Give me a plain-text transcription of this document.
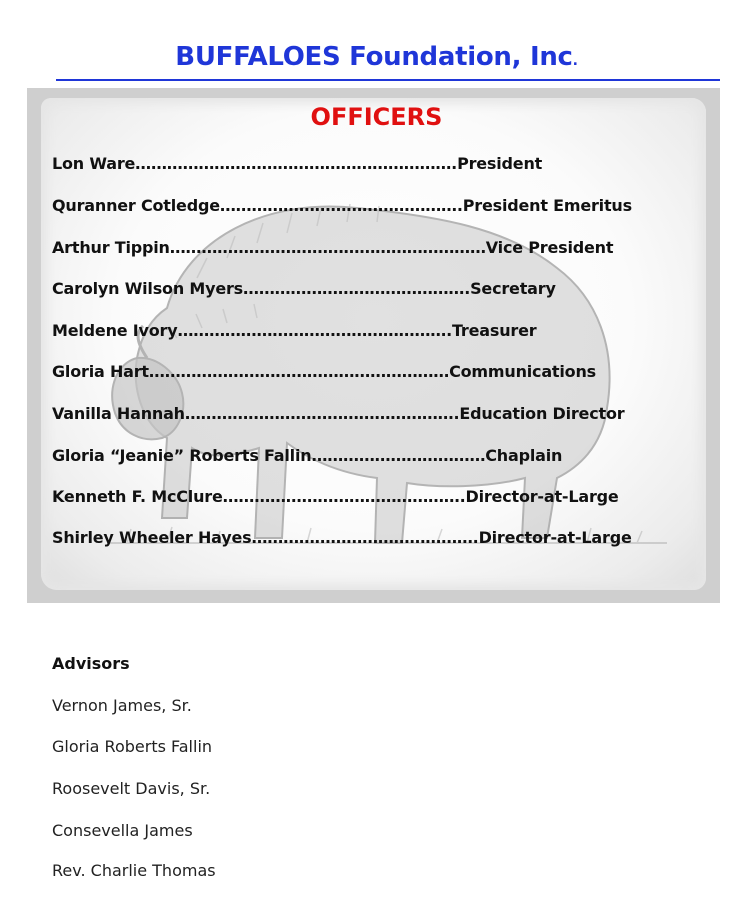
BUFFALOES Foundation, Inc.
OFFICERS
Lon Ware…………………………………………………….President
Quranner Cotledge……………………………………….President Emeritus
Arthur Tippin……………………………………………………Vice President
Carolyn Wilson Myers…………………………………….Secretary
Meldene Ivory…………………………………………….Treasurer
Gloria Hart…………………………………………………Communications
Vanilla Hannah…………………………………………….Education Director
Gloria “Jeanie” Roberts Fallin……………………………Chaplain
Kenneth F. McClure……………………………………….Director-at-Large
Shirley Wheeler Hayes…………………………………….Director-at-Large
Advisors
Vernon James, Sr.
Gloria Roberts Fallin
Roosevelt Davis, Sr.
Consevella James
Rev. Charlie Thomas
